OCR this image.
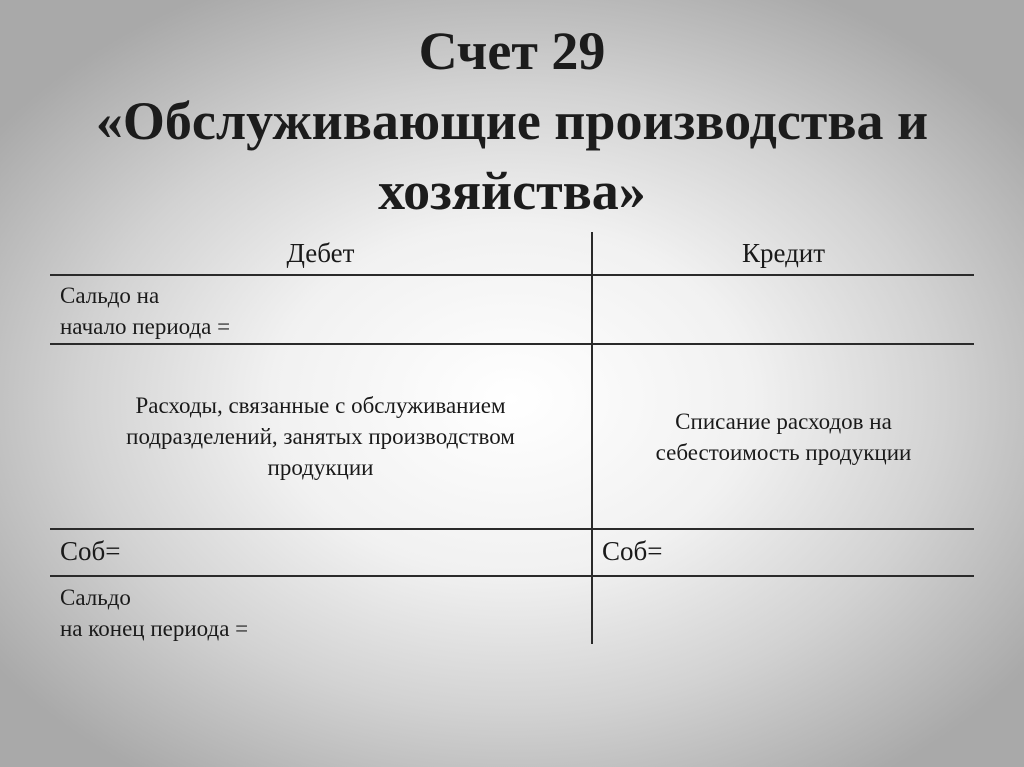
Счет 29
«Обслуживающие производства и
хозяйства»
Дебет	Кредит
Сальдо на
начало периода =
Расходы, связанные с обслуживанием
подразделений, занятых производством
продукции
Списание расходов на
себестоимость продукции
Соб=	Соб=
Сальдо
на конец периода =
